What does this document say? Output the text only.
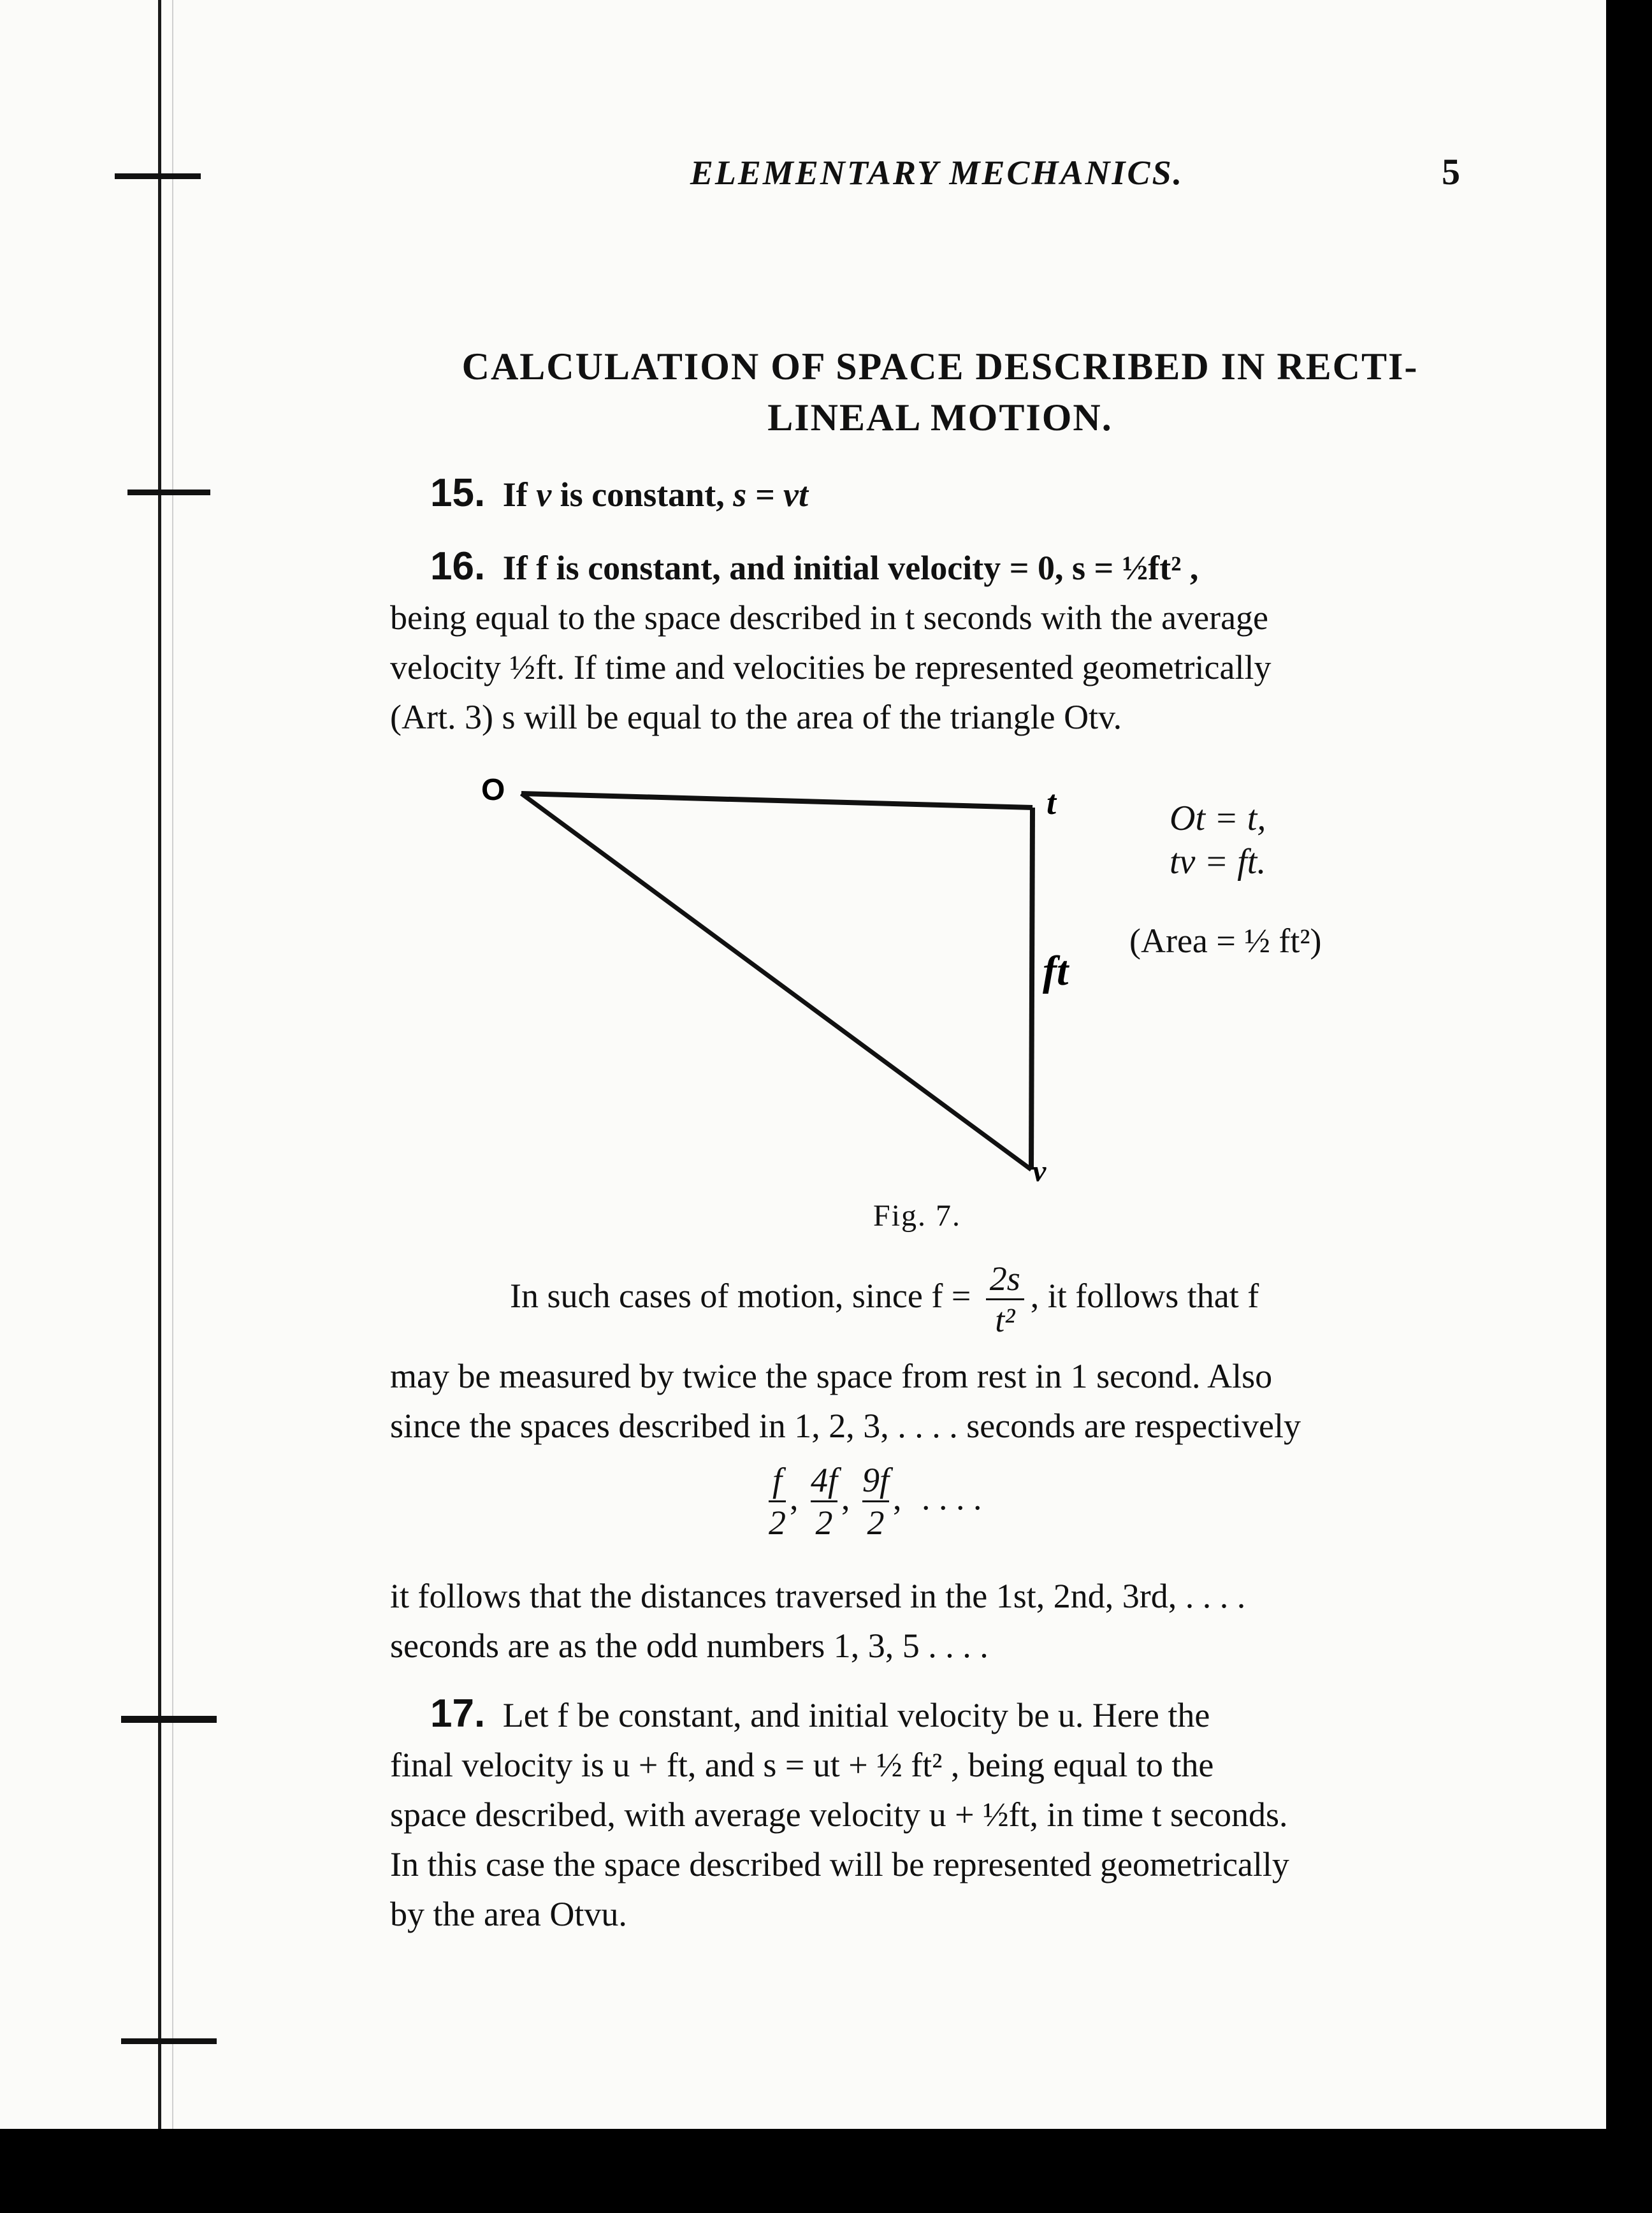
ELEMENTARY MECHANICS.	5
CALCULATION OF SPACE DESCRIBED IN RECTI-
LINEAL MOTION.
15. If v is constant, s = vt
16. If f is constant, and initial velocity = 0, s = ½ft² ,
being equal to the space described in t seconds with the average
velocity ½ft. If time and velocities be represented geometrically
(Art. 3) s will be equal to the area of the triangle Otv.
O	t
ft
v
Ot = t,
tv = ft.
(Area = ½ ft²)
Fig. 7.
In such cases of motion, since $f = \frac{2s}{\text{t²}}$ , it follows that f
may be measured by twice the space from rest in 1 second. Also
since the spaces described in 1, 2, 3, . . . . seconds are respectively
$\frac{f}{2}$ , $\frac{4f}{2}$ , $\frac{9f}{2}$ , . . . .
it follows that the distances traversed in the 1st, 2nd, 3rd, . . . .
seconds are as the odd numbers 1, 3, 5 . . . .
17. Let f be constant, and initial velocity be u. Here the
final velocity is u + ft, and s = ut + ½ ft² , being equal to the
space described, with average velocity u + ½ft, in time t seconds.
In this case the space described will be represented geometrically
by the area Otvu.
